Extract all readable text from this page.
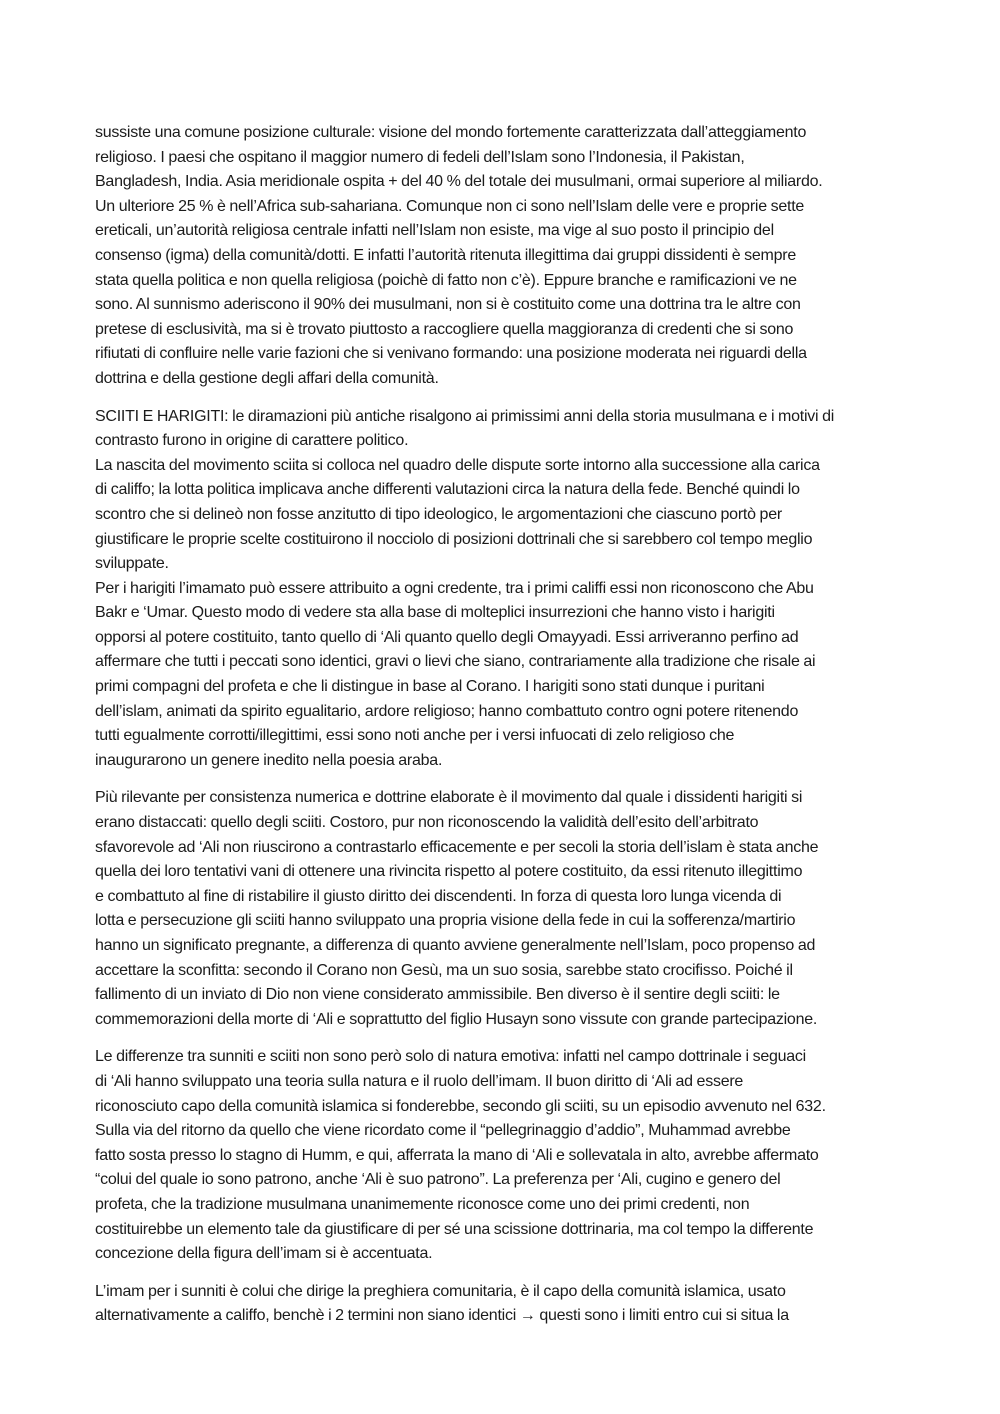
sussiste una comune posizione culturale: visione del mondo fortemente caratterizzata dall’atteggiamento
religioso. I paesi che ospitano il maggior numero di fedeli dell’Islam sono l’Indonesia, il Pakistan,
Bangladesh, India. Asia meridionale ospita + del 40 % del totale dei musulmani, ormai superiore al miliardo.
Un ulteriore 25 % è nell’Africa sub-sahariana. Comunque non ci sono nell’Islam delle vere e proprie sette
ereticali, un’autorità religiosa centrale infatti nell’Islam non esiste, ma vige al suo posto il principio del
consenso (igma) della comunità/dotti. E infatti l’autorità ritenuta illegittima dai gruppi dissidenti è sempre
stata quella politica e non quella religiosa (poichè di fatto non c’è). Eppure branche e ramificazioni ve ne
sono. Al sunnismo aderiscono il 90% dei musulmani, non si è costituito come una dottrina tra le altre con
pretese di esclusività, ma si è trovato piuttosto a raccogliere quella maggioranza di credenti che si sono
rifiutati di confluire nelle varie fazioni che si venivano formando: una posizione moderata nei riguardi della
dottrina e della gestione degli affari della comunità.
SCIITI E HARIGITI: le diramazioni più antiche risalgono ai primissimi anni della storia musulmana e i motivi di
contrasto furono in origine di carattere politico.
La nascita del movimento sciita si colloca nel quadro delle dispute sorte intorno alla successione alla carica
di califfo; la lotta politica implicava anche differenti valutazioni circa la natura della fede. Benché quindi lo
scontro che si delineò non fosse anzitutto di tipo ideologico, le argomentazioni che ciascuno portò per
giustificare le proprie scelte costituirono il nocciolo di posizioni dottrinali che si sarebbero col tempo meglio
sviluppate.
Per i harigiti l’imamato può essere attribuito a ogni credente, tra i primi califfi essi non riconoscono che Abu
Bakr e ‘Umar. Questo modo di vedere sta alla base di molteplici insurrezioni che hanno visto i harigiti
opporsi al potere costituito, tanto quello di ‘Ali quanto quello degli Omayyadi. Essi arriveranno perfino ad
affermare che tutti i peccati sono identici, gravi o lievi che siano, contrariamente alla tradizione che risale ai
primi compagni del profeta e che li distingue in base al Corano. I harigiti sono stati dunque i puritani
dell’islam, animati da spirito egualitario, ardore religioso; hanno combattuto contro ogni potere ritenendo
tutti egualmente corrotti/illegittimi, essi sono noti anche per i versi infuocati di zelo religioso che
inaugurarono un genere inedito nella poesia araba.
Più rilevante per consistenza numerica e dottrine elaborate è il movimento dal quale i dissidenti harigiti si
erano distaccati: quello degli sciiti. Costoro, pur non riconoscendo la validità dell’esito dell’arbitrato
sfavorevole ad ‘Ali non riuscirono a contrastarlo efficacemente e per secoli la storia dell’islam è stata anche
quella dei loro tentativi vani di ottenere una rivincita rispetto al potere costituito, da essi ritenuto illegittimo
e combattuto al fine di ristabilire il giusto diritto dei discendenti. In forza di questa loro lunga vicenda di
lotta e persecuzione gli sciiti hanno sviluppato una propria visione della fede in cui la sofferenza/martirio
hanno un significato pregnante, a differenza di quanto avviene generalmente nell’Islam, poco propenso ad
accettare la sconfitta: secondo il Corano non Gesù, ma un suo sosia, sarebbe stato crocifisso. Poiché il
fallimento di un inviato di Dio non viene considerato ammissibile. Ben diverso è il sentire degli sciiti: le
commemorazioni della morte di ‘Ali e soprattutto del figlio Husayn sono vissute con grande partecipazione.
Le differenze tra sunniti e sciiti non sono però solo di natura emotiva: infatti nel campo dottrinale i seguaci
di ‘Ali hanno sviluppato una teoria sulla natura e il ruolo dell’imam. Il buon diritto di ‘Ali ad essere
riconosciuto capo della comunità islamica si fonderebbe, secondo gli sciiti, su un episodio avvenuto nel 632.
Sulla via del ritorno da quello che viene ricordato come il “pellegrinaggio d’addio”, Muhammad avrebbe
fatto sosta presso lo stagno di Humm, e qui, afferrata la mano di ‘Ali e sollevatala in alto, avrebbe affermato
“colui del quale io sono patrono, anche ‘Ali è suo patrono”. La preferenza per ‘Ali, cugino e genero del
profeta, che la tradizione musulmana unanimemente riconosce come uno dei primi credenti, non
costituirebbe un elemento tale da giustificare di per sé una scissione dottrinaria, ma col tempo la differente
concezione della figura dell’imam si è accentuata.
L’imam per i sunniti è colui che dirige la preghiera comunitaria, è il capo della comunità islamica, usato
alternativamente a califfo, benchè i 2 termini non siano identici → questi sono i limiti entro cui si situa la
